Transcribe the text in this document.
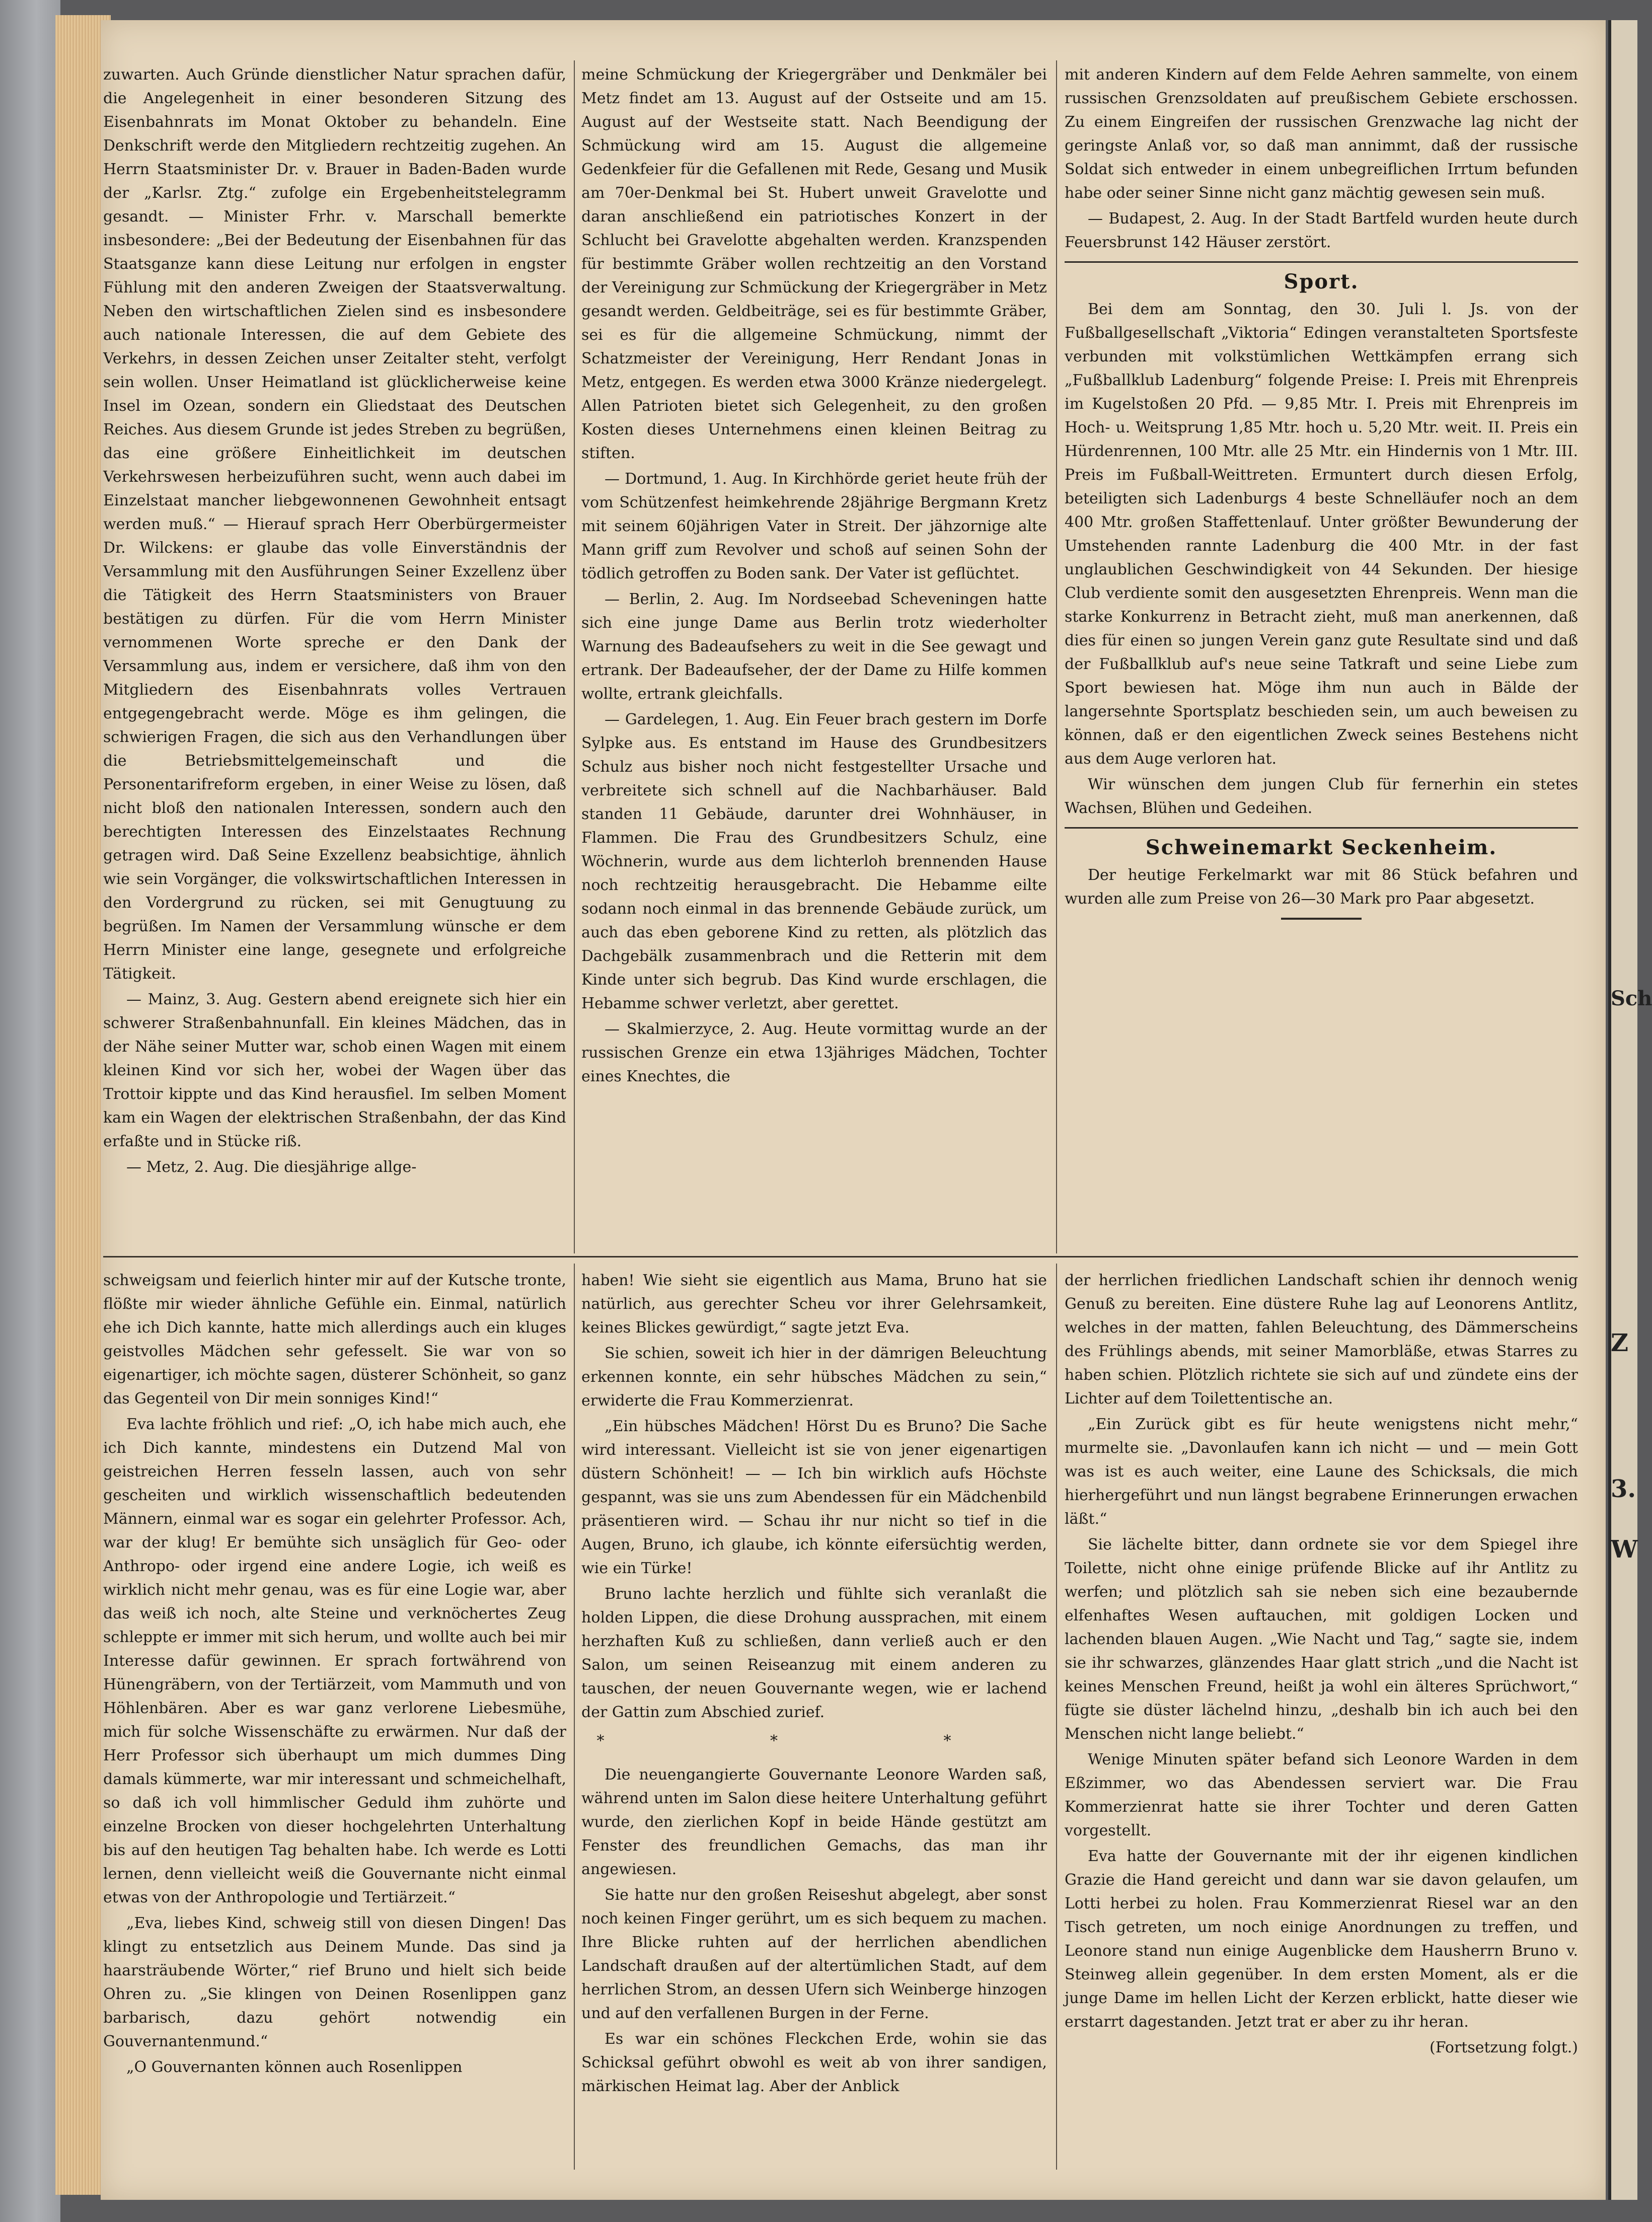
Z
3.
W
Sch

zuwarten. Auch Gründe dienstlicher Natur sprachen dafür, die Angelegenheit in einer besonderen Sitzung des Eisenbahnrats im Monat Oktober zu behandeln. Eine Denkschrift werde den Mitgliedern rechtzeitig zugehen. An Herrn Staatsminister Dr. v. Brauer in Baden-Baden wurde der „Karlsr. Ztg.“ zufolge ein Ergebenheitstelegramm gesandt. — Minister Frhr. v. Marschall bemerkte insbesondere: „Bei der Bedeutung der Eisenbahnen für das Staatsganze kann diese Leitung nur erfolgen in engster Fühlung mit den anderen Zweigen der Staatsverwaltung. Neben den wirtschaftlichen Zielen sind es insbesondere auch nationale Interessen, die auf dem Gebiete des Verkehrs, in dessen Zeichen unser Zeitalter steht, verfolgt sein wollen. Unser Heimatland ist glücklicherweise keine Insel im Ozean, sondern ein Gliedstaat des Deutschen Reiches. Aus diesem Grunde ist jedes Streben zu begrüßen, das eine größere Einheitlichkeit im deutschen Verkehrswesen herbeizuführen sucht, wenn auch dabei im Einzelstaat mancher liebgewonnenen Gewohnheit entsagt werden muß.“ — Hierauf sprach Herr Oberbürgermeister Dr. Wilckens: er glaube das volle Einverständnis der Versammlung mit den Ausführungen Seiner Exzellenz über die Tätigkeit des Herrn Staatsministers von Brauer bestätigen zu dürfen. Für die vom Herrn Minister vernommenen Worte spreche er den Dank der Versammlung aus, indem er versichere, daß ihm von den Mitgliedern des Eisenbahnrats volles Vertrauen entgegengebracht werde. Möge es ihm gelingen, die schwierigen Fragen, die sich aus den Verhandlungen über die Betriebsmittelgemeinschaft und die Personentarifreform ergeben, in einer Weise zu lösen, daß nicht bloß den nationalen Interessen, sondern auch den berechtigten Interessen des Einzelstaates Rechnung getragen wird. Daß Seine Exzellenz beabsichtige, ähnlich wie sein Vorgänger, die volkswirtschaftlichen Interessen in den Vordergrund zu rücken, sei mit Genugtuung zu begrüßen. Im Namen der Versammlung wünsche er dem Herrn Minister eine lange, gesegnete und erfolgreiche Tätigkeit.

— Mainz, 3. Aug. Gestern abend ereignete sich hier ein schwerer Straßenbahnunfall. Ein kleines Mädchen, das in der Nähe seiner Mutter war, schob einen Wagen mit einem kleinen Kind vor sich her, wobei der Wagen über das Trottoir kippte und das Kind herausfiel. Im selben Moment kam ein Wagen der elektrischen Straßenbahn, der das Kind erfaßte und in Stücke riß.

— Metz, 2. Aug. Die diesjährige allge-

meine Schmückung der Kriegergräber und Denkmäler bei Metz findet am 13. August auf der Ostseite und am 15. August auf der Westseite statt. Nach Beendigung der Schmückung wird am 15. August die allgemeine Gedenkfeier für die Gefallenen mit Rede, Gesang und Musik am 70er-Denkmal bei St. Hubert unweit Gravelotte und daran anschließend ein patriotisches Konzert in der Schlucht bei Gravelotte abgehalten werden. Kranzspenden für bestimmte Gräber wollen rechtzeitig an den Vorstand der Vereinigung zur Schmückung der Kriegergräber in Metz gesandt werden. Geldbeiträge, sei es für bestimmte Gräber, sei es für die allgemeine Schmückung, nimmt der Schatzmeister der Vereinigung, Herr Rendant Jonas in Metz, entgegen. Es werden etwa 3000 Kränze niedergelegt. Allen Patrioten bietet sich Gelegenheit, zu den großen Kosten dieses Unternehmens einen kleinen Beitrag zu stiften.

— Dortmund, 1. Aug. In Kirchhörde geriet heute früh der vom Schützenfest heimkehrende 28jährige Bergmann Kretz mit seinem 60jährigen Vater in Streit. Der jähzornige alte Mann griff zum Revolver und schoß auf seinen Sohn der tödlich getroffen zu Boden sank. Der Vater ist geflüchtet.

— Berlin, 2. Aug. Im Nordseebad Scheveningen hatte sich eine junge Dame aus Berlin trotz wiederholter Warnung des Badeaufsehers zu weit in die See gewagt und ertrank. Der Badeaufseher, der der Dame zu Hilfe kommen wollte, ertrank gleichfalls.

— Gardelegen, 1. Aug. Ein Feuer brach gestern im Dorfe Sylpke aus. Es entstand im Hause des Grundbesitzers Schulz aus bisher noch nicht festgestellter Ursache und verbreitete sich schnell auf die Nachbarhäuser. Bald standen 11 Gebäude, darunter drei Wohnhäuser, in Flammen. Die Frau des Grundbesitzers Schulz, eine Wöchnerin, wurde aus dem lichterloh brennenden Hause noch rechtzeitig herausgebracht. Die Hebamme eilte sodann noch einmal in das brennende Gebäude zurück, um auch das eben geborene Kind zu retten, als plötzlich das Dachgebälk zusammenbrach und die Retterin mit dem Kinde unter sich begrub. Das Kind wurde erschlagen, die Hebamme schwer verletzt, aber gerettet.

— Skalmierzyce, 2. Aug. Heute vormittag wurde an der russischen Grenze ein etwa 13jähriges Mädchen, Tochter eines Knechtes, die

mit anderen Kindern auf dem Felde Aehren sammelte, von einem russischen Grenzsoldaten auf preußischem Gebiete erschossen. Zu einem Eingreifen der russischen Grenzwache lag nicht der geringste Anlaß vor, so daß man annimmt, daß der russische Soldat sich entweder in einem unbegreiflichen Irrtum befunden habe oder seiner Sinne nicht ganz mächtig gewesen sein muß.

— Budapest, 2. Aug. In der Stadt Bartfeld wurden heute durch Feuersbrunst 142 Häuser zerstört.

Sport.

Bei dem am Sonntag, den 30. Juli l. Js. von der Fußballgesellschaft „Viktoria“ Edingen veranstalteten Sportsfeste verbunden mit volkstümlichen Wettkämpfen errang sich „Fußballklub Ladenburg“ folgende Preise: I. Preis mit Ehrenpreis im Kugelstoßen 20 Pfd. — 9,85 Mtr. I. Preis mit Ehrenpreis im Hoch- u. Weitsprung 1,85 Mtr. hoch u. 5,20 Mtr. weit. II. Preis ein Hürdenrennen, 100 Mtr. alle 25 Mtr. ein Hindernis von 1 Mtr. III. Preis im Fußball-Weittreten. Ermuntert durch diesen Erfolg, beteiligten sich Ladenburgs 4 beste Schnelläufer noch an dem 400 Mtr. großen Staffettenlauf. Unter größter Bewunderung der Umstehenden rannte Ladenburg die 400 Mtr. in der fast unglaublichen Geschwindigkeit von 44 Sekunden. Der hiesige Club verdiente somit den ausgesetzten Ehrenpreis. Wenn man die starke Konkurrenz in Betracht zieht, muß man anerkennen, daß dies für einen so jungen Verein ganz gute Resultate sind und daß der Fußballklub auf's neue seine Tatkraft und seine Liebe zum Sport bewiesen hat. Möge ihm nun auch in Bälde der langersehnte Sportsplatz beschieden sein, um auch beweisen zu können, daß er den eigentlichen Zweck seines Bestehens nicht aus dem Auge verloren hat.

Wir wünschen dem jungen Club für fernerhin ein stetes Wachsen, Blühen und Gedeihen.

Schweinemarkt Seckenheim.

Der heutige Ferkelmarkt war mit 86 Stück befahren und wurden alle zum Preise von 26—30 Mark pro Paar abgesetzt.

schweigsam und feierlich hinter mir auf der Kutsche tronte, flößte mir wieder ähnliche Gefühle ein. Einmal, natürlich ehe ich Dich kannte, hatte mich allerdings auch ein kluges geistvolles Mädchen sehr gefesselt. Sie war von so eigenartiger, ich möchte sagen, düsterer Schönheit, so ganz das Gegenteil von Dir mein sonniges Kind!“

Eva lachte fröhlich und rief: „O, ich habe mich auch, ehe ich Dich kannte, mindestens ein Dutzend Mal von geistreichen Herren fesseln lassen, auch von sehr gescheiten und wirklich wissenschaftlich bedeutenden Männern, einmal war es sogar ein gelehrter Professor. Ach, war der klug! Er bemühte sich unsäglich für Geo- oder Anthropo- oder irgend eine andere Logie, ich weiß es wirklich nicht mehr genau, was es für eine Logie war, aber das weiß ich noch, alte Steine und verknöchertes Zeug schleppte er immer mit sich herum, und wollte auch bei mir Interesse dafür gewinnen. Er sprach fortwährend von Hünengräbern, von der Tertiärzeit, vom Mammuth und von Höhlenbären. Aber es war ganz verlorene Liebesmühe, mich für solche Wissenschäfte zu erwärmen. Nur daß der Herr Professor sich überhaupt um mich dummes Ding damals kümmerte, war mir interessant und schmeichelhaft, so daß ich voll himmlischer Geduld ihm zuhörte und einzelne Brocken von dieser hochgelehrten Unterhaltung bis auf den heutigen Tag behalten habe. Ich werde es Lotti lernen, denn vielleicht weiß die Gouvernante nicht einmal etwas von der Anthropologie und Tertiärzeit.“

„Eva, liebes Kind, schweig still von diesen Dingen! Das klingt zu entsetzlich aus Deinem Munde. Das sind ja haarsträubende Wörter,“ rief Bruno und hielt sich beide Ohren zu. „Sie klingen von Deinen Rosenlippen ganz barbarisch, dazu gehört notwendig ein Gouvernantenmund.“

„O Gouvernanten können auch Rosenlippen

haben! Wie sieht sie eigentlich aus Mama, Bruno hat sie natürlich, aus gerechter Scheu vor ihrer Gelehrsamkeit, keines Blickes gewürdigt,“ sagte jetzt Eva.

Sie schien, soweit ich hier in der dämrigen Beleuchtung erkennen konnte, ein sehr hübsches Mädchen zu sein,“ erwiderte die Frau Kommerzienrat.

„Ein hübsches Mädchen! Hörst Du es Bruno? Die Sache wird interessant. Vielleicht ist sie von jener eigenartigen düstern Schönheit! — — Ich bin wirklich aufs Höchste gespannt, was sie uns zum Abendessen für ein Mädchenbild präsentieren wird. — Schau ihr nur nicht so tief in die Augen, Bruno, ich glaube, ich könnte eifersüchtig werden, wie ein Türke!

Bruno lachte herzlich und fühlte sich veranlaßt die holden Lippen, die diese Drohung aussprachen, mit einem herzhaften Kuß zu schließen, dann verließ auch er den Salon, um seinen Reiseanzug mit einem anderen zu tauschen, der neuen Gouvernante wegen, wie er lachend der Gattin zum Abschied zurief.

* * *

Die neuengangierte Gouvernante Leonore Warden saß, während unten im Salon diese heitere Unterhaltung geführt wurde, den zierlichen Kopf in beide Hände gestützt am Fenster des freundlichen Gemachs, das man ihr angewiesen.

Sie hatte nur den großen Reiseshut abgelegt, aber sonst noch keinen Finger gerührt, um es sich bequem zu machen. Ihre Blicke ruhten auf der herrlichen abendlichen Landschaft draußen auf der altertümlichen Stadt, auf dem herrlichen Strom, an dessen Ufern sich Weinberge hinzogen und auf den verfallenen Burgen in der Ferne.

Es war ein schönes Fleckchen Erde, wohin sie das Schicksal geführt obwohl es weit ab von ihrer sandigen, märkischen Heimat lag. Aber der Anblick

der herrlichen friedlichen Landschaft schien ihr dennoch wenig Genuß zu bereiten. Eine düstere Ruhe lag auf Leonorens Antlitz, welches in der matten, fahlen Beleuchtung, des Dämmerscheins des Frühlings abends, mit seiner Mamorbläße, etwas Starres zu haben schien. Plötzlich richtete sie sich auf und zündete eins der Lichter auf dem Toilettentische an.

„Ein Zurück gibt es für heute wenigstens nicht mehr,“ murmelte sie. „Davonlaufen kann ich nicht — und — mein Gott was ist es auch weiter, eine Laune des Schicksals, die mich hierhergeführt und nun längst begrabene Erinnerungen erwachen läßt.“

Sie lächelte bitter, dann ordnete sie vor dem Spiegel ihre Toilette, nicht ohne einige prüfende Blicke auf ihr Antlitz zu werfen; und plötzlich sah sie neben sich eine bezaubernde elfenhaftes Wesen auftauchen, mit goldigen Locken und lachenden blauen Augen. „Wie Nacht und Tag,“ sagte sie, indem sie ihr schwarzes, glänzendes Haar glatt strich „und die Nacht ist keines Menschen Freund, heißt ja wohl ein älteres Sprüchwort,“ fügte sie düster lächelnd hinzu, „deshalb bin ich auch bei den Menschen nicht lange beliebt.“

Wenige Minuten später befand sich Leonore Warden in dem Eßzimmer, wo das Abendessen serviert war. Die Frau Kommerzienrat hatte sie ihrer Tochter und deren Gatten vorgestellt.

Eva hatte der Gouvernante mit der ihr eigenen kindlichen Grazie die Hand gereicht und dann war sie davon gelaufen, um Lotti herbei zu holen. Frau Kommerzienrat Riesel war an den Tisch getreten, um noch einige Anordnungen zu treffen, und Leonore stand nun einige Augenblicke dem Hausherrn Bruno v. Steinweg allein gegenüber. In dem ersten Moment, als er die junge Dame im hellen Licht der Kerzen erblickt, hatte dieser wie erstarrt dagestanden. Jetzt trat er aber zu ihr heran.

(Fortsetzung folgt.)
